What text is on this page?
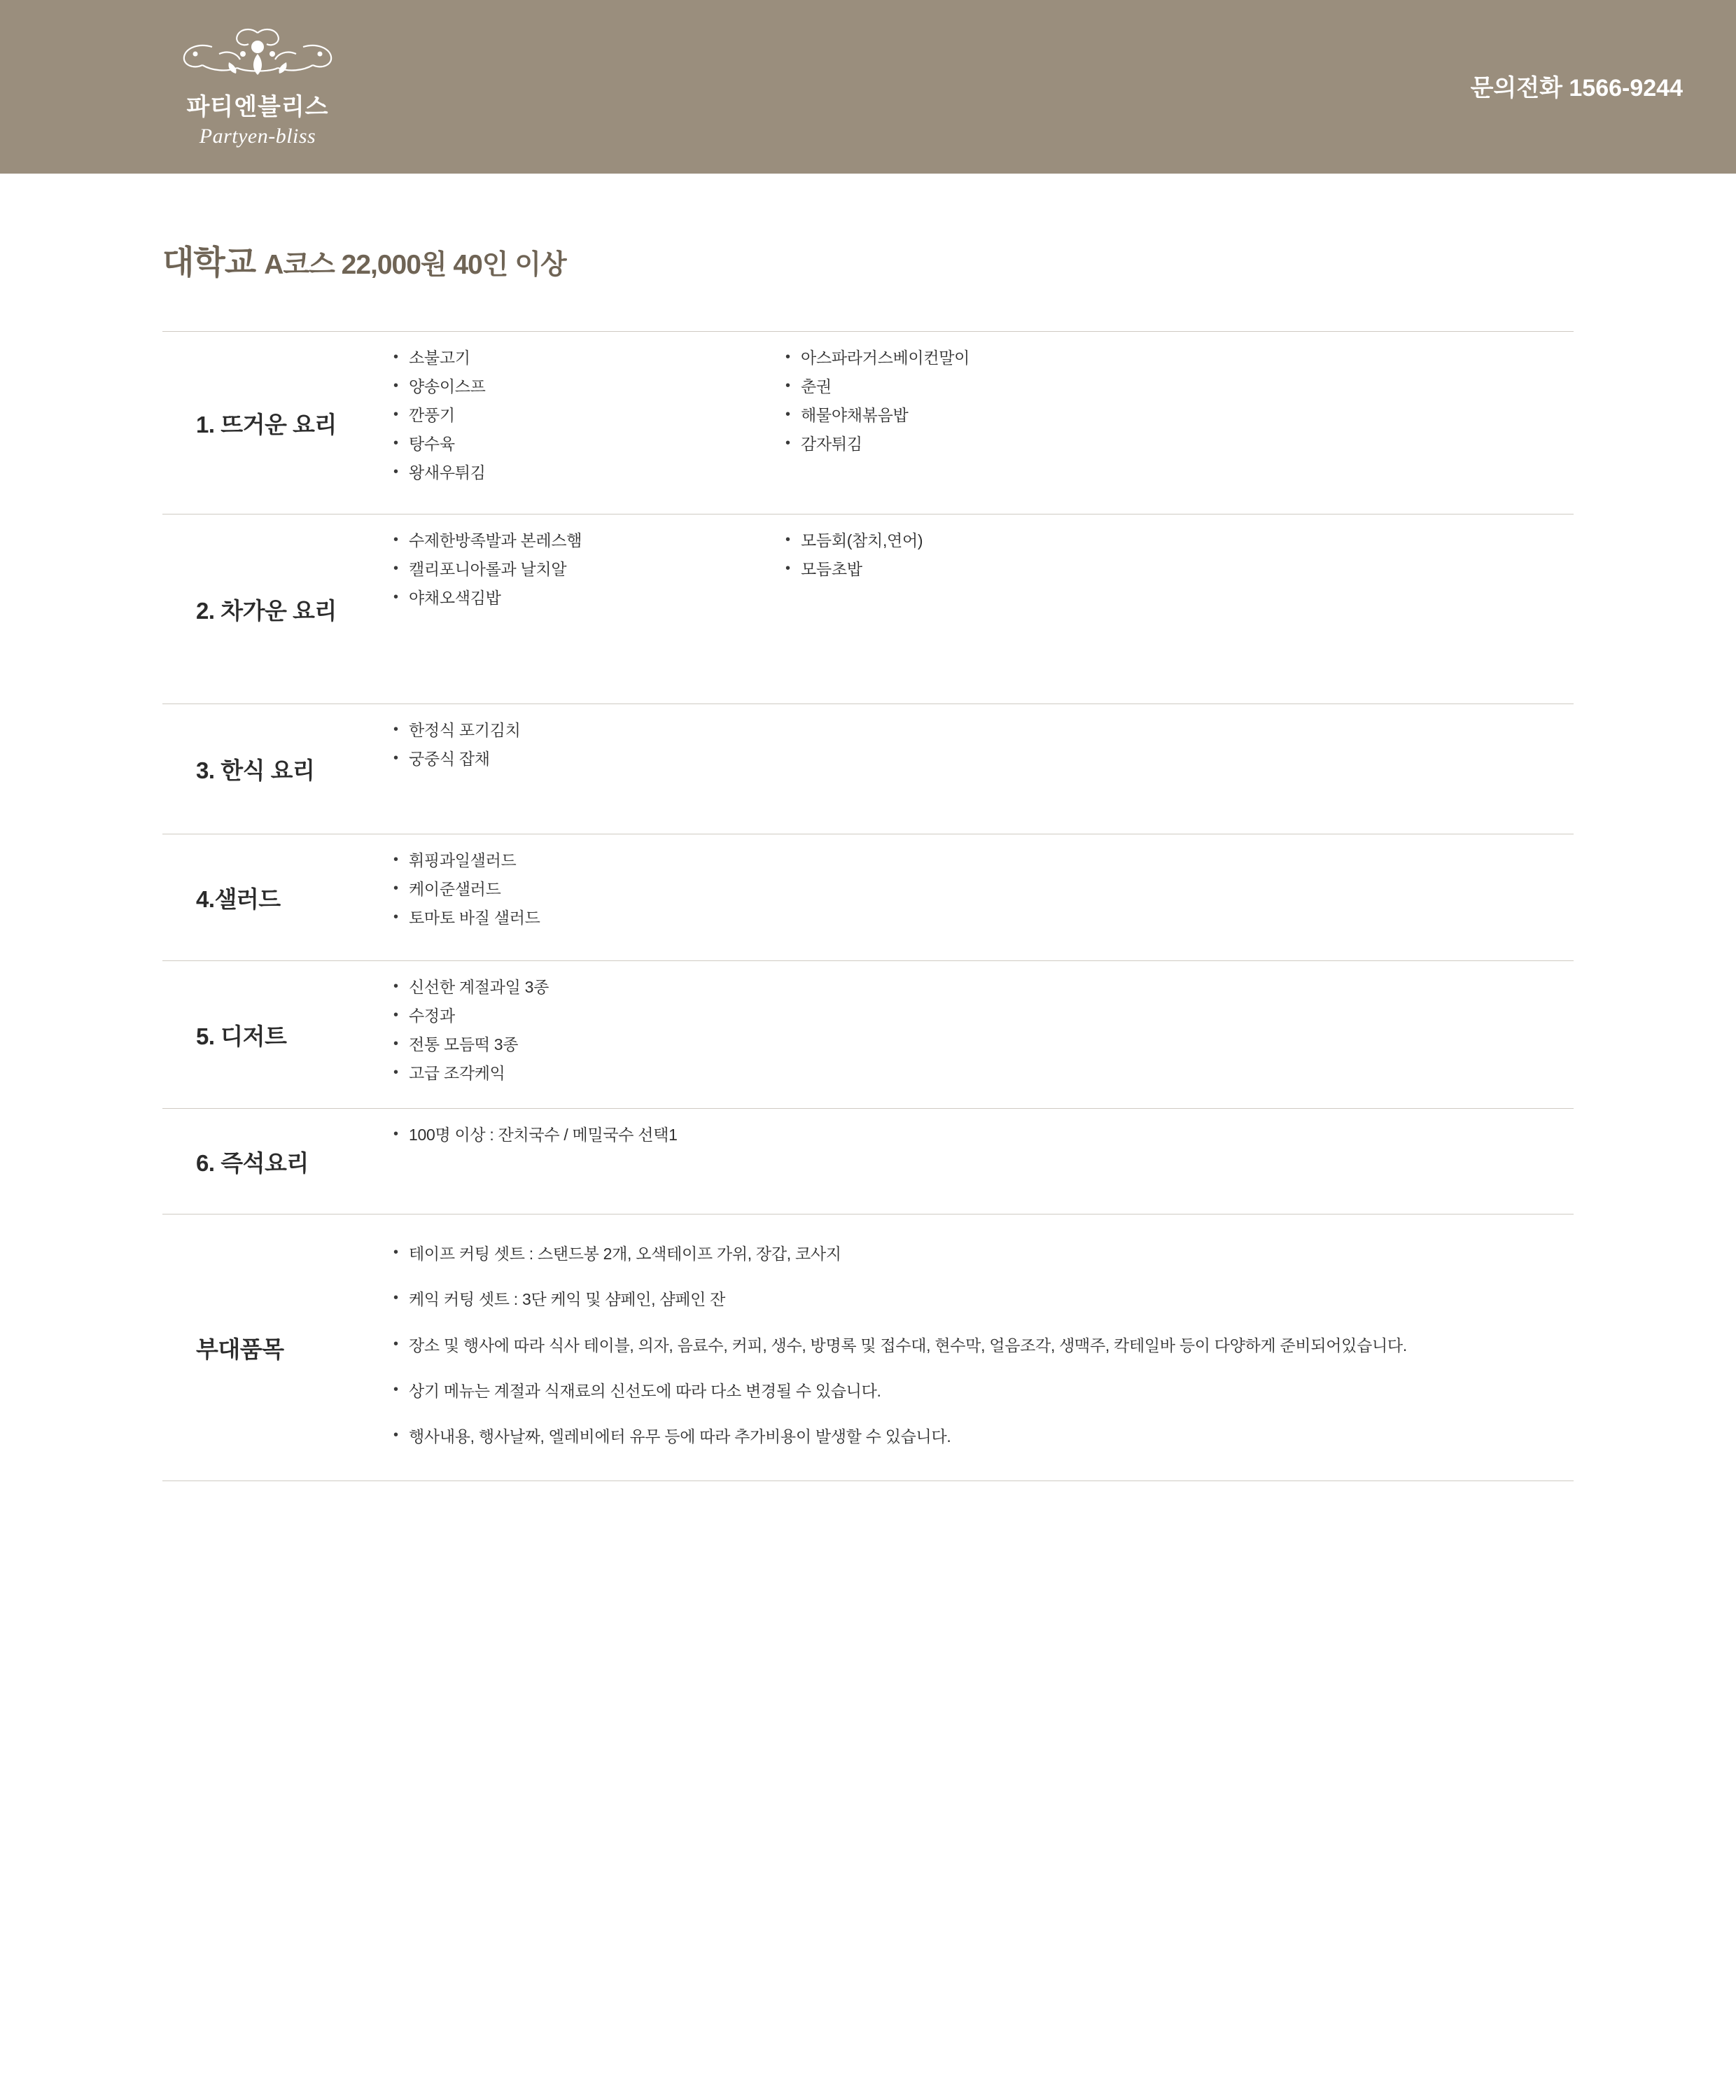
파티엔블리스
Partyen-bliss
문의전화 1566-9244
대학교 A코스 22,000원 40인 이상
1. 뜨거운 요리
• 소불고기
• 양송이스프
• 깐풍기
• 탕수육
• 왕새우튀김
• 아스파라거스베이컨말이
• 춘권
• 해물야채볶음밥
• 감자튀김
2. 차가운 요리
• 수제한방족발과 본레스햄
• 캘리포니아롤과 날치알
• 야채오색김밥
• 모듬회(참치,연어)
• 모듬초밥
3. 한식 요리
• 한정식 포기김치
• 궁중식 잡채
4.샐러드
• 휘핑과일샐러드
• 케이준샐러드
• 토마토 바질 샐러드
5. 디저트
• 신선한 계절과일 3종
• 수정과
• 전통 모듬떡 3종
• 고급 조각케익
6. 즉석요리
• 100명 이상 : 잔치국수 / 메밀국수 선택1
부대품목
• 테이프 커팅 셋트 : 스탠드봉 2개, 오색테이프 가위, 장갑, 코사지
• 케익 커팅 셋트 : 3단 케익 및 샴페인, 샴페인 잔
• 장소 및 행사에 따라 식사 테이블, 의자, 음료수, 커피, 생수, 방명록 및 접수대, 현수막, 얼음조각, 생맥주, 칵테일바 등이 다양하게 준비되어있습니다.
• 상기 메뉴는 계절과 식재료의 신선도에 따라 다소 변경될 수 있습니다.
• 행사내용, 행사날짜, 엘레비에터 유무 등에 따라 추가비용이 발생할 수 있습니다.
